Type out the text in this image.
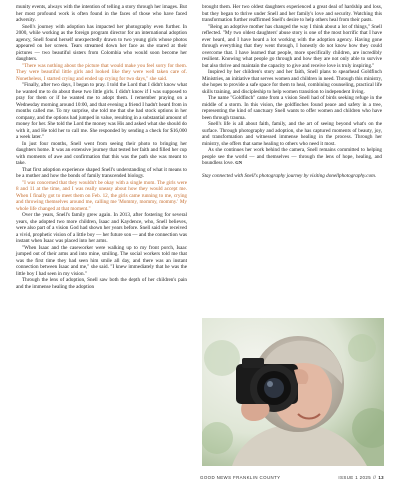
munity events, always with the intention of telling a story through her images. But her most profound work is often found in the faces of those who have faced adversity.

Snell's journey with adoption has impacted her photography even further. In 2000, while working as the foreign program director for an international adoption agency, Snell found herself unexpectedly drawn to two young girls whose photos appeared on her screen. Tears streamed down her face as she stared at their pictures — two beautiful sisters from Colombia who would soon become her daughters.

"There was nothing about the picture that would make you feel sorry for them. They were beautiful little girls and looked like they were well taken care of. Nonetheless, I started crying and ended up crying for two days," she said.

"Finally, after two days, I began to pray. I told the Lord that I didn't know what he wanted me to do about these two little girls. I didn't know if I was supposed to pray for them or if he wanted me to adopt them. I remember praying on a Wednesday morning around 10:00, and that evening a friend I hadn't heard from in months called me. To my surprise, she told me that she had stock options in her company, and the options had jumped in value, resulting in a substantial amount of money for her. She told the Lord the money was His and asked what she should do with it, and He told her to call me. She responded by sending a check for $16,000 a week later."

In just four months, Snell went from seeing their photo to bringing her daughters home. It was an extensive journey that tested her faith and filled her cup with moments of awe and confirmation that this was the path she was meant to take.

That first adoption experience shaped Snell's understanding of what it means to be a mother and how the bonds of family transcended biology.

"I was concerned that they wouldn't be okay with a single mom. The girls were 8 and 11 at the time, and I was really uneasy about how they would accept me. When I finally got to meet them on Feb. 12, the girls came running to me, crying and throwing themselves around me, calling me 'Mommy, mommy, mommy.' My whole life changed at that moment."

Over the years, Snell's family grew again. In 2013, after fostering for several years, she adopted two more children, Isaac and Kaydence, who, Snell believes, were also part of a vision God had shown her years before. Snell said she received a vivid, prophetic vision of a little boy — her future son — and the connection was instant when Isaac was placed into her arms.

"When Isaac and the caseworker were walking up to my front porch, Isaac jumped out of their arms and into mine, smiling. The social workers told me that was the first time they had seen him smile all day, and there was an instant connection between Isaac and me," she said. "I knew immediately that he was the little boy I had seen in my vision."

Through the lens of adoption, Snell saw both the depth of her children's pain and the immense healing the adoption

brought them. Her two oldest daughters experienced a great deal of hardship and loss, but they began to thrive under Snell and her family's love and security. Watching this transformation further reaffirmed Snell's desire to help others heal from their pasts.

"Being an adoptive mother has changed the way I think about a lot of things," Snell reflected. "My two oldest daughters' abuse story is one of the most horrific that I have ever heard, and I have heard a lot working with the adoption agency. Having gone through everything that they went through, I honestly do not know how they could overcome that. I have learned that people, more specifically children, are incredibly resilient. Knowing what people go through and how they are not only able to survive but also thrive and maintain the capacity to give and receive love is truly inspiring."

Inspired by her children's story and her faith, Snell plans to spearhead Goldfinch Ministries, an initiative that serves women and children in need. Through this ministry, she hopes to provide a safe space for them to heal, combining counseling, practical life skills training, and discipleship to help women transition to independent living.

The name "Goldfinch" came from a vision Snell had of birds seeking refuge in the middle of a storm. In this vision, the goldfinches found peace and safety in a tree, representing the kind of sanctuary Snell wants to offer women and children who have been through trauma.

Snell's life is all about faith, family, and the art of seeing beyond what's on the surface. Through photography and adoption, she has captured moments of beauty, joy, and transformation and witnessed immense healing in the process. Through her ministry, she offers that same healing to others who need it most.

As she continues her work behind the camera, Snell remains committed to helping people see the world — and themselves — through the lens of hope, healing, and boundless love. GN

Stay connected with Snell's photography journey by visiting donellphotography.com.

GOOD NEWS FRANKLIN COUNTY	ISSUE 1 2025 // 13
